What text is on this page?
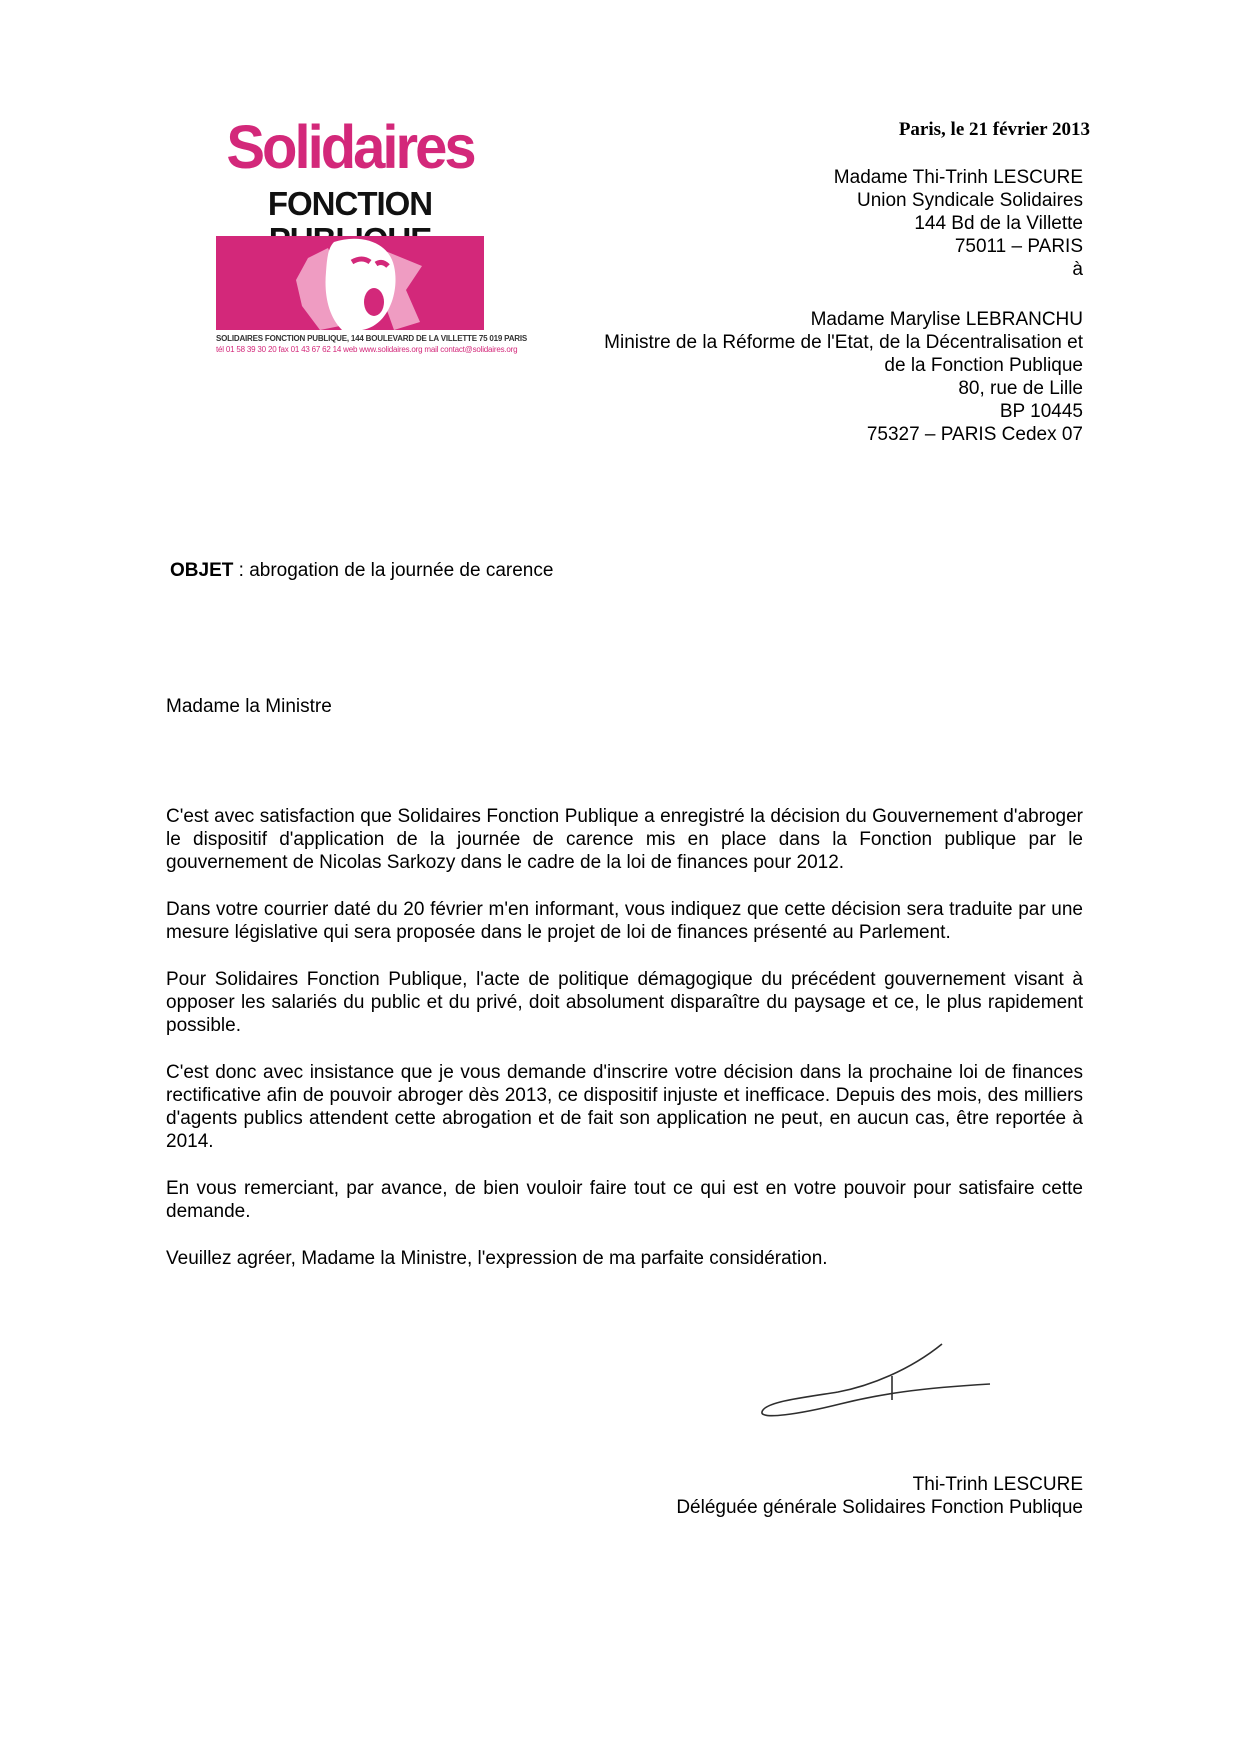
Solidaires
FONCTION
SOLIDAIRES FONCTION PUBLIQUE, 144 BOULEVARD DE LA VILLETTE 75 019 PARIS
tél 01 58 39 30 20 fax 01 43 67 62 14 web www.solidaires.org mail contact@solidaires.org
Paris, le 21 février 2013
Madame Thi-Trinh LESCURE
Union Syndicale Solidaires
144 Bd de la Villette
75011 – PARIS
à
Madame Marylise LEBRANCHU
Ministre de la Réforme de l'Etat, de la Décentralisation et
de la Fonction Publique
80, rue de Lille
BP 10445
75327 – PARIS Cedex 07
OBJET : abrogation de la journée de carence
Madame la Ministre

C'est avec satisfaction que Solidaires Fonction Publique a enregistré la décision du Gouvernement d'abroger le dispositif d'application de la journée de carence mis en place dans la Fonction publique par le gouvernement de Nicolas Sarkozy dans le cadre de la loi de finances pour 2012.

Dans votre courrier daté du 20 février m'en informant, vous indiquez que cette décision sera traduite par une mesure législative qui sera proposée dans le projet de loi de finances présenté au Parlement.

Pour Solidaires Fonction Publique, l'acte de politique démagogique du précédent gouvernement visant à opposer les salariés du public et du privé, doit absolument disparaître du paysage et ce, le plus rapidement possible.

C'est donc avec insistance que je vous demande d'inscrire votre décision dans la prochaine loi de finances rectificative afin de pouvoir abroger dès 2013, ce dispositif injuste et inefficace. Depuis des mois, des milliers d'agents publics attendent cette abrogation et de fait son application ne peut, en aucun cas, être reportée à 2014.

En vous remerciant, par avance, de bien vouloir faire tout ce qui est en votre pouvoir pour satisfaire cette demande.

Veuillez agréer, Madame la Ministre, l'expression de ma parfaite considération.

Thi-Trinh LESCURE
Déléguée générale Solidaires Fonction Publique
